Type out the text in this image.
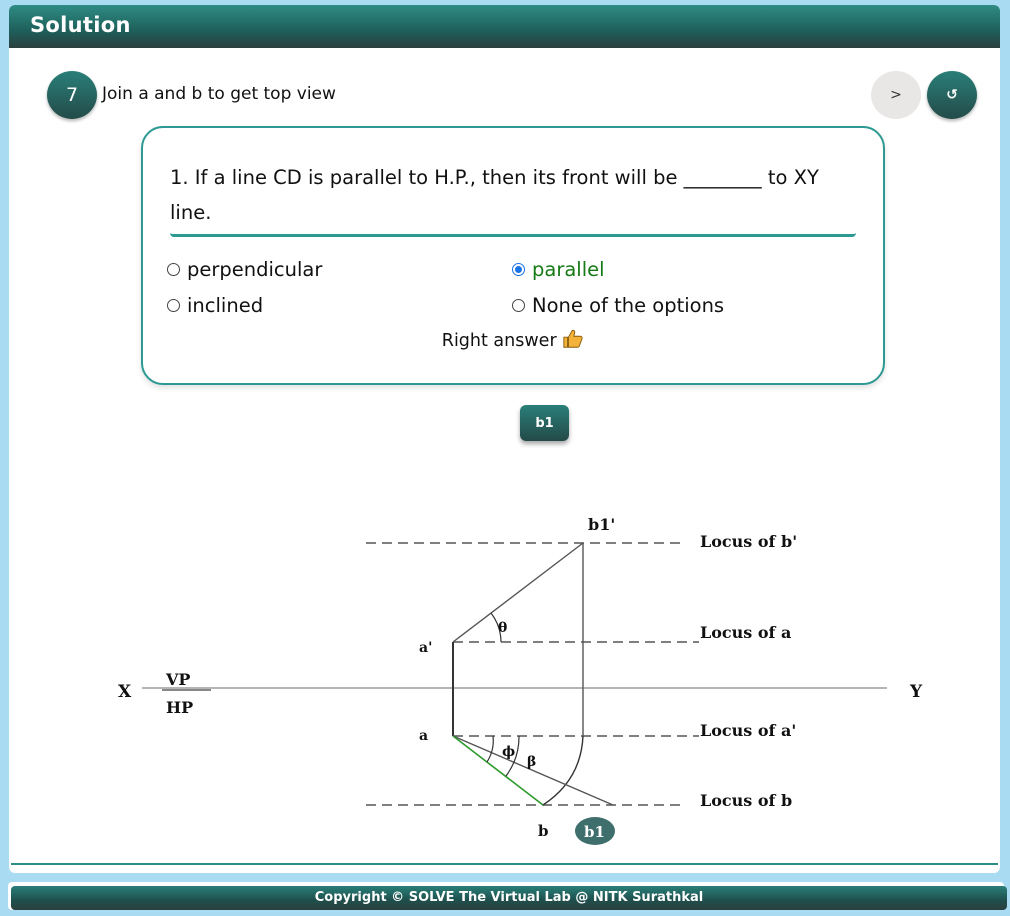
Solution
7	Join a and b to get top view	>	↺
1. If a line CD is parallel to H.P., then its front will be ________ to XY line.
perpendicular	parallel
inclined	None of the options
Right answer
b1
b1'
Locus of b'
θ	Locus of a
a'
X
VP
HP
Y
a	Locus of a'
ϕ
β
Locus of b
b b1
Copyright © SOLVE The Virtual Lab @ NITK Surathkal
